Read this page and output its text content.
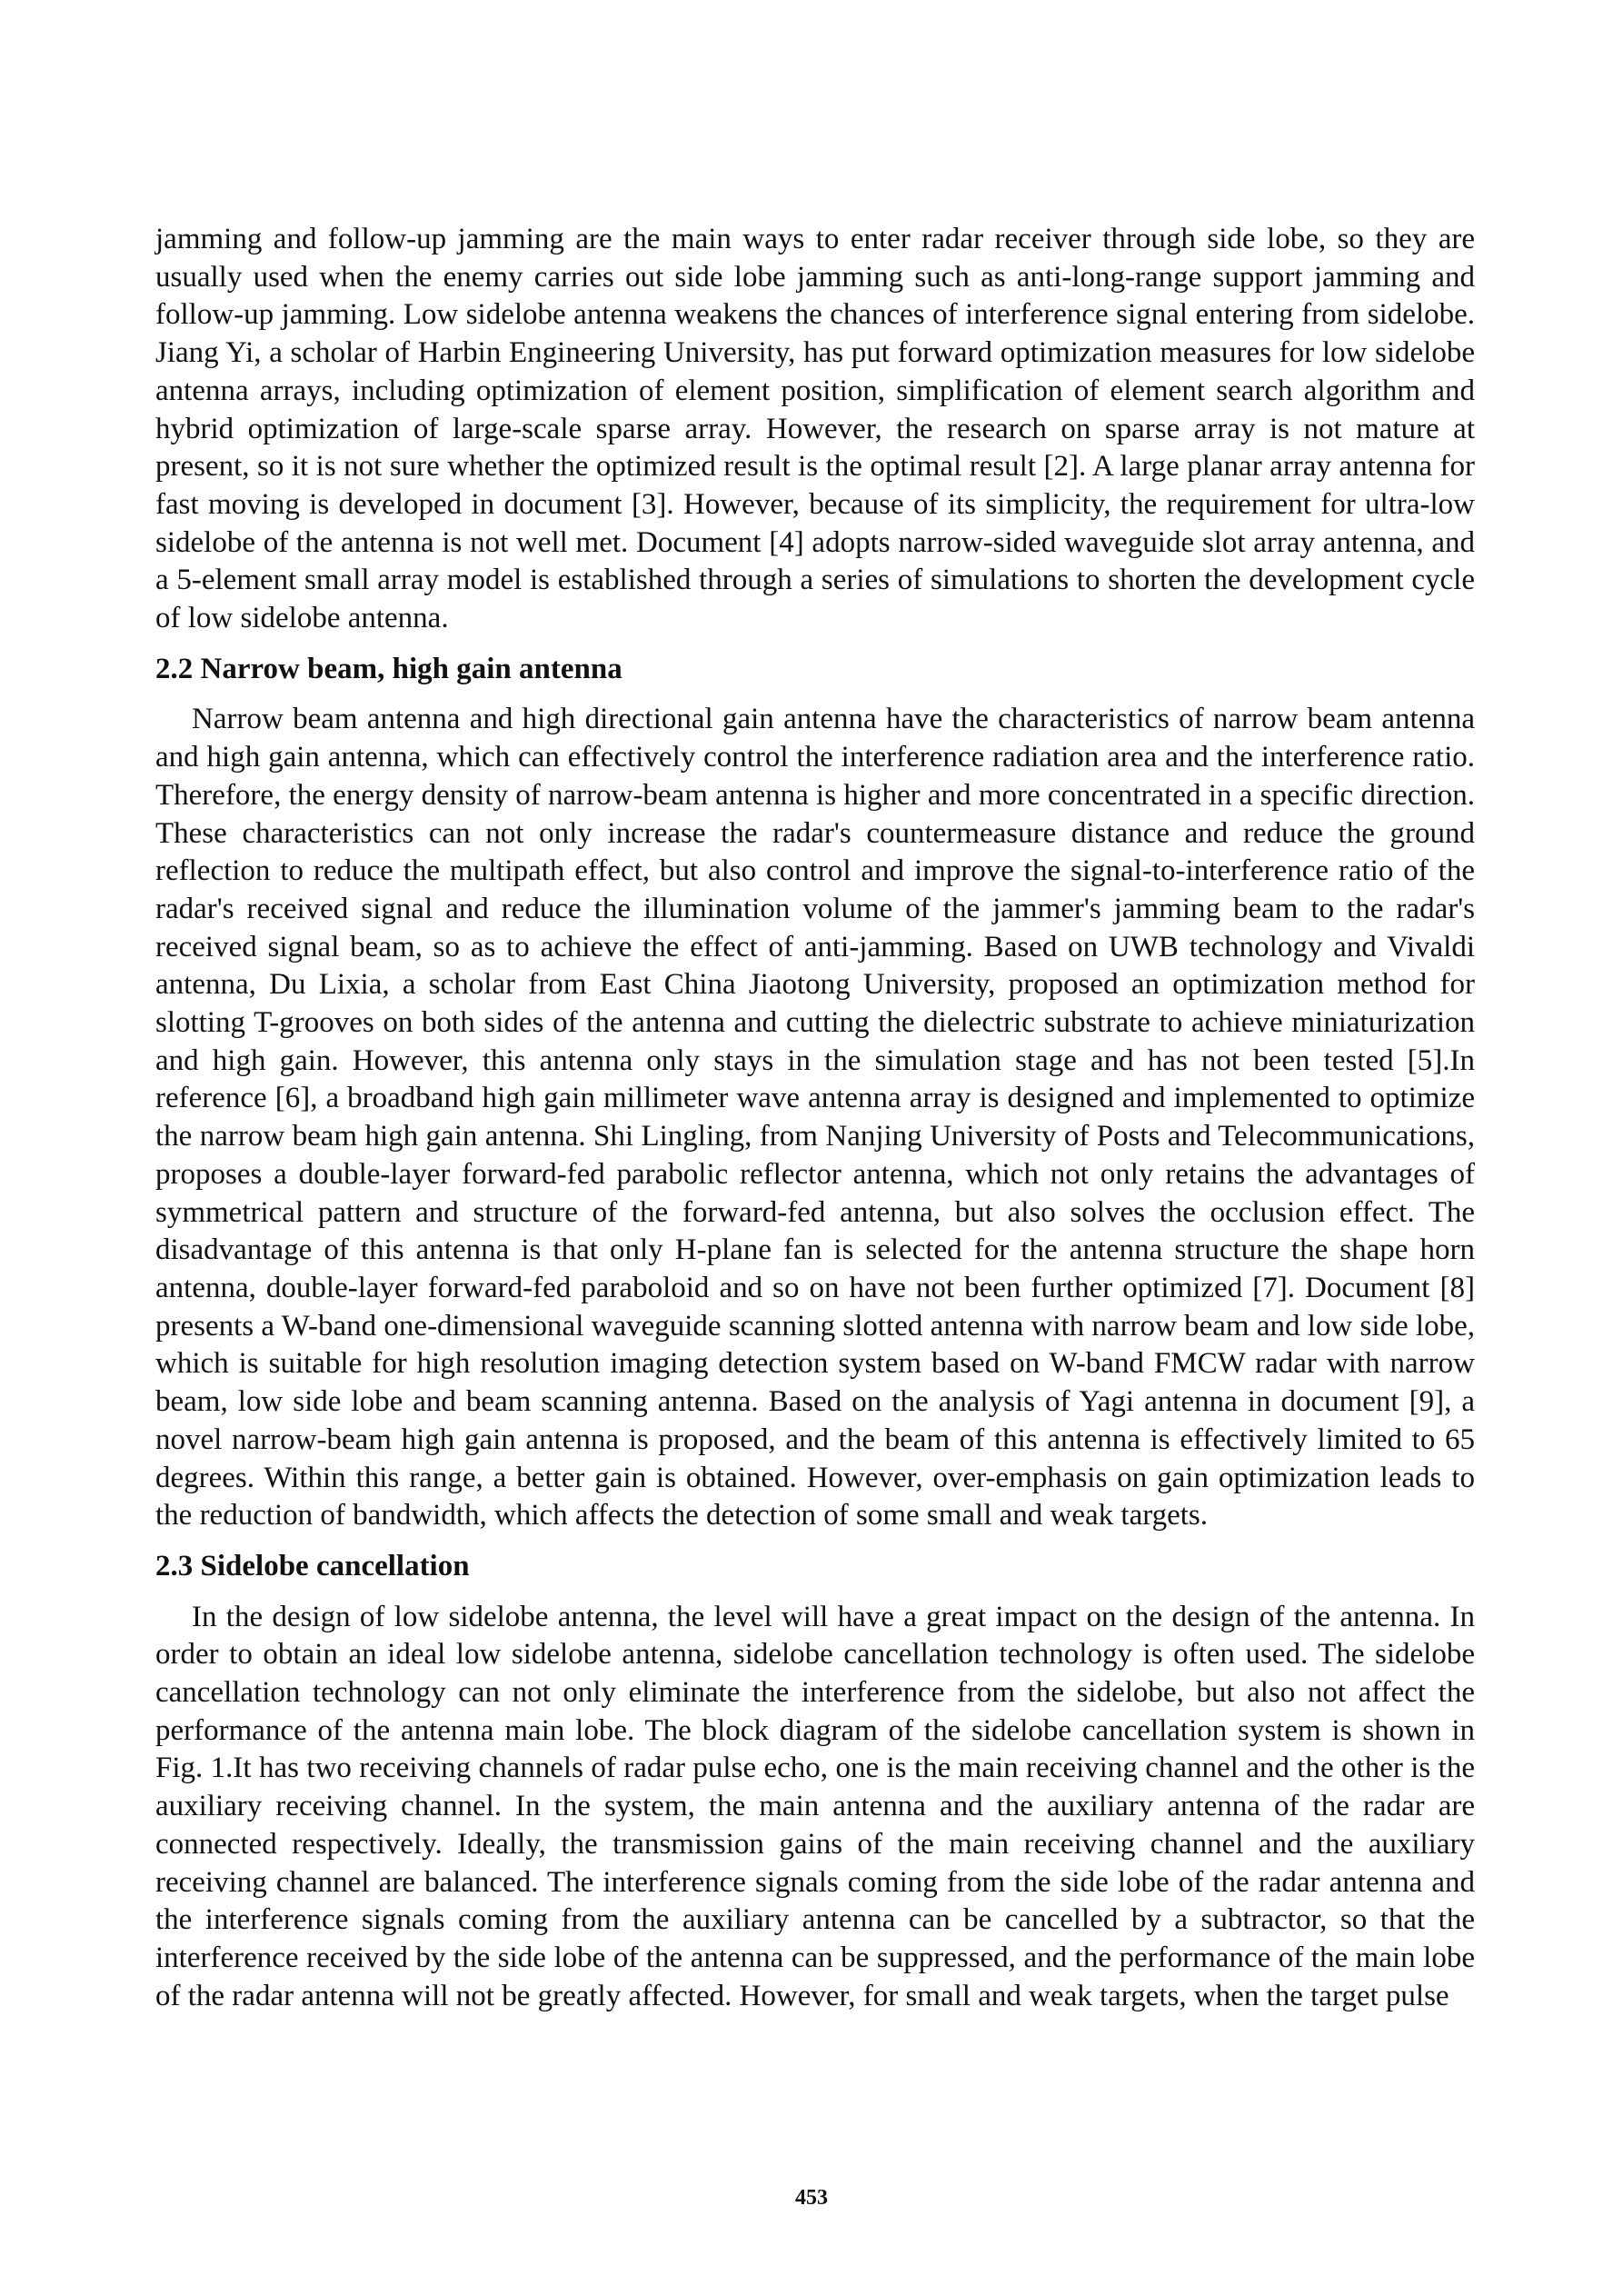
jamming and follow-up jamming are the main ways to enter radar receiver through side lobe, so they are usually used when the enemy carries out side lobe jamming such as anti-long-range support jamming and follow-up jamming. Low sidelobe antenna weakens the chances of interference signal entering from sidelobe. Jiang Yi, a scholar of Harbin Engineering University, has put forward optimization measures for low sidelobe antenna arrays, including optimization of element position, simplification of element search algorithm and hybrid optimization of large-scale sparse array. However, the research on sparse array is not mature at present, so it is not sure whether the optimized result is the optimal result [2]. A large planar array antenna for fast moving is developed in document [3]. However, because of its simplicity, the requirement for ultra-low sidelobe of the antenna is not well met. Document [4] adopts narrow-sided waveguide slot array antenna, and a 5-element small array model is established through a series of simulations to shorten the development cycle of low sidelobe antenna.

2.2 Narrow beam, high gain antenna

Narrow beam antenna and high directional gain antenna have the characteristics of narrow beam antenna and high gain antenna, which can effectively control the interference radiation area and the interference ratio. Therefore, the energy density of narrow-beam antenna is higher and more concentrated in a specific direction. These characteristics can not only increase the radar's countermeasure distance and reduce the ground reflection to reduce the multipath effect, but also control and improve the signal-to-interference ratio of the radar's received signal and reduce the illumination volume of the jammer's jamming beam to the radar's received signal beam, so as to achieve the effect of anti-jamming. Based on UWB technology and Vivaldi antenna, Du Lixia, a scholar from East China Jiaotong University, proposed an optimization method for slotting T-grooves on both sides of the antenna and cutting the dielectric substrate to achieve miniaturization and high gain. However, this antenna only stays in the simulation stage and has not been tested [5].In reference [6], a broadband high gain millimeter wave antenna array is designed and implemented to optimize the narrow beam high gain antenna. Shi Lingling, from Nanjing University of Posts and Telecommunications, proposes a double-layer forward-fed parabolic reflector antenna, which not only retains the advantages of symmetrical pattern and structure of the forward-fed antenna, but also solves the occlusion effect. The disadvantage of this antenna is that only H-plane fan is selected for the antenna structure the shape horn antenna, double-layer forward-fed paraboloid and so on have not been further optimized [7]. Document [8] presents a W-band one-dimensional waveguide scanning slotted antenna with narrow beam and low side lobe, which is suitable for high resolution imaging detection system based on W-band FMCW radar with narrow beam, low side lobe and beam scanning antenna. Based on the analysis of Yagi antenna in document [9], a novel narrow-beam high gain antenna is proposed, and the beam of this antenna is effectively limited to 65 degrees. Within this range, a better gain is obtained. However, over-emphasis on gain optimization leads to the reduction of bandwidth, which affects the detection of some small and weak targets.

2.3 Sidelobe cancellation

In the design of low sidelobe antenna, the level will have a great impact on the design of the antenna. In order to obtain an ideal low sidelobe antenna, sidelobe cancellation technology is often used. The sidelobe cancellation technology can not only eliminate the interference from the sidelobe, but also not affect the performance of the antenna main lobe. The block diagram of the sidelobe cancellation system is shown in Fig. 1.It has two receiving channels of radar pulse echo, one is the main receiving channel and the other is the auxiliary receiving channel. In the system, the main antenna and the auxiliary antenna of the radar are connected respectively. Ideally, the transmission gains of the main receiving channel and the auxiliary receiving channel are balanced. The interference signals coming from the side lobe of the radar antenna and the interference signals coming from the auxiliary antenna can be cancelled by a subtractor, so that the interference received by the side lobe of the antenna can be suppressed, and the performance of the main lobe of the radar antenna will not be greatly affected. However, for small and weak targets, when the target pulse

453
